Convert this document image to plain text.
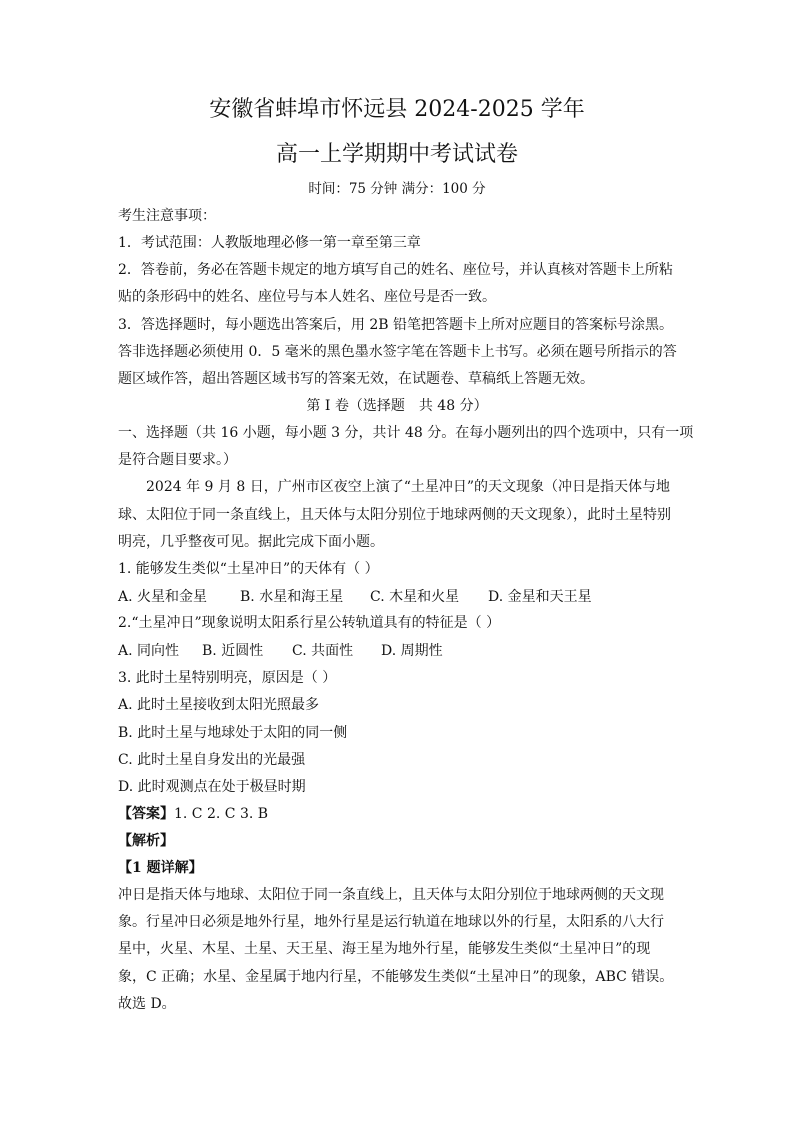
安徽省蚌埠市怀远县 2024-2025 学年
高一上学期期中考试试卷
时间：75 分钟 满分：100 分
考生注意事项：
1．考试范围：人教版地理必修一第一章至第三章
2．答卷前，务必在答题卡规定的地方填写自己的姓名、座位号，并认真核对答题卡上所粘
贴的条形码中的姓名、座位号与本人姓名、座位号是否一致。
3．答选择题时，每小题选出答案后，用 2B 铅笔把答题卡上所对应题目的答案标号涂黑。
答非选择题必须使用 0．5 毫米的黑色墨水签字笔在答题卡上书写。必须在题号所指示的答
题区域作答，超出答题区域书写的答案无效，在试题卷、草稿纸上答题无效。
第 I 卷（选择题　共 48 分）
一、选择题（共 16 小题，每小题 3 分，共计 48 分。在每小题列出的四个选项中，只有一项
是符合题目要求。）
2024 年 9 月 8 日，广州市区夜空上演了“土星冲日”的天文现象（冲日是指天体与地
球、太阳位于同一条直线上，且天体与太阳分别位于地球两侧的天文现象），此时土星特别
明亮，几乎整夜可见。据此完成下面小题。
1. 能够发生类似“土星冲日”的天体有（ ）
A. 火星和金星 B. 水星和海王星 C. 木星和火星 D. 金星和天王星
2.“土星冲日”现象说明太阳系行星公转轨道具有的特征是（ ）
A. 同向性 B. 近圆性 C. 共面性 D. 周期性
3. 此时土星特别明亮，原因是（ ）
A. 此时土星接收到太阳光照最多
B. 此时土星与地球处于太阳的同一侧
C. 此时土星自身发出的光最强
D. 此时观测点在处于极昼时期
【答案】1. C 2. C 3. B
【解析】
【1 题详解】
冲日是指天体与地球、太阳位于同一条直线上，且天体与太阳分别位于地球两侧的天文现
象。行星冲日必须是地外行星，地外行星是运行轨道在地球以外的行星，太阳系的八大行
星中，火星、木星、土星、天王星、海王星为地外行星，能够发生类似“土星冲日”的现
象，C 正确；水星、金星属于地内行星，不能够发生类似“土星冲日”的现象，ABC 错误。
故选 D。
